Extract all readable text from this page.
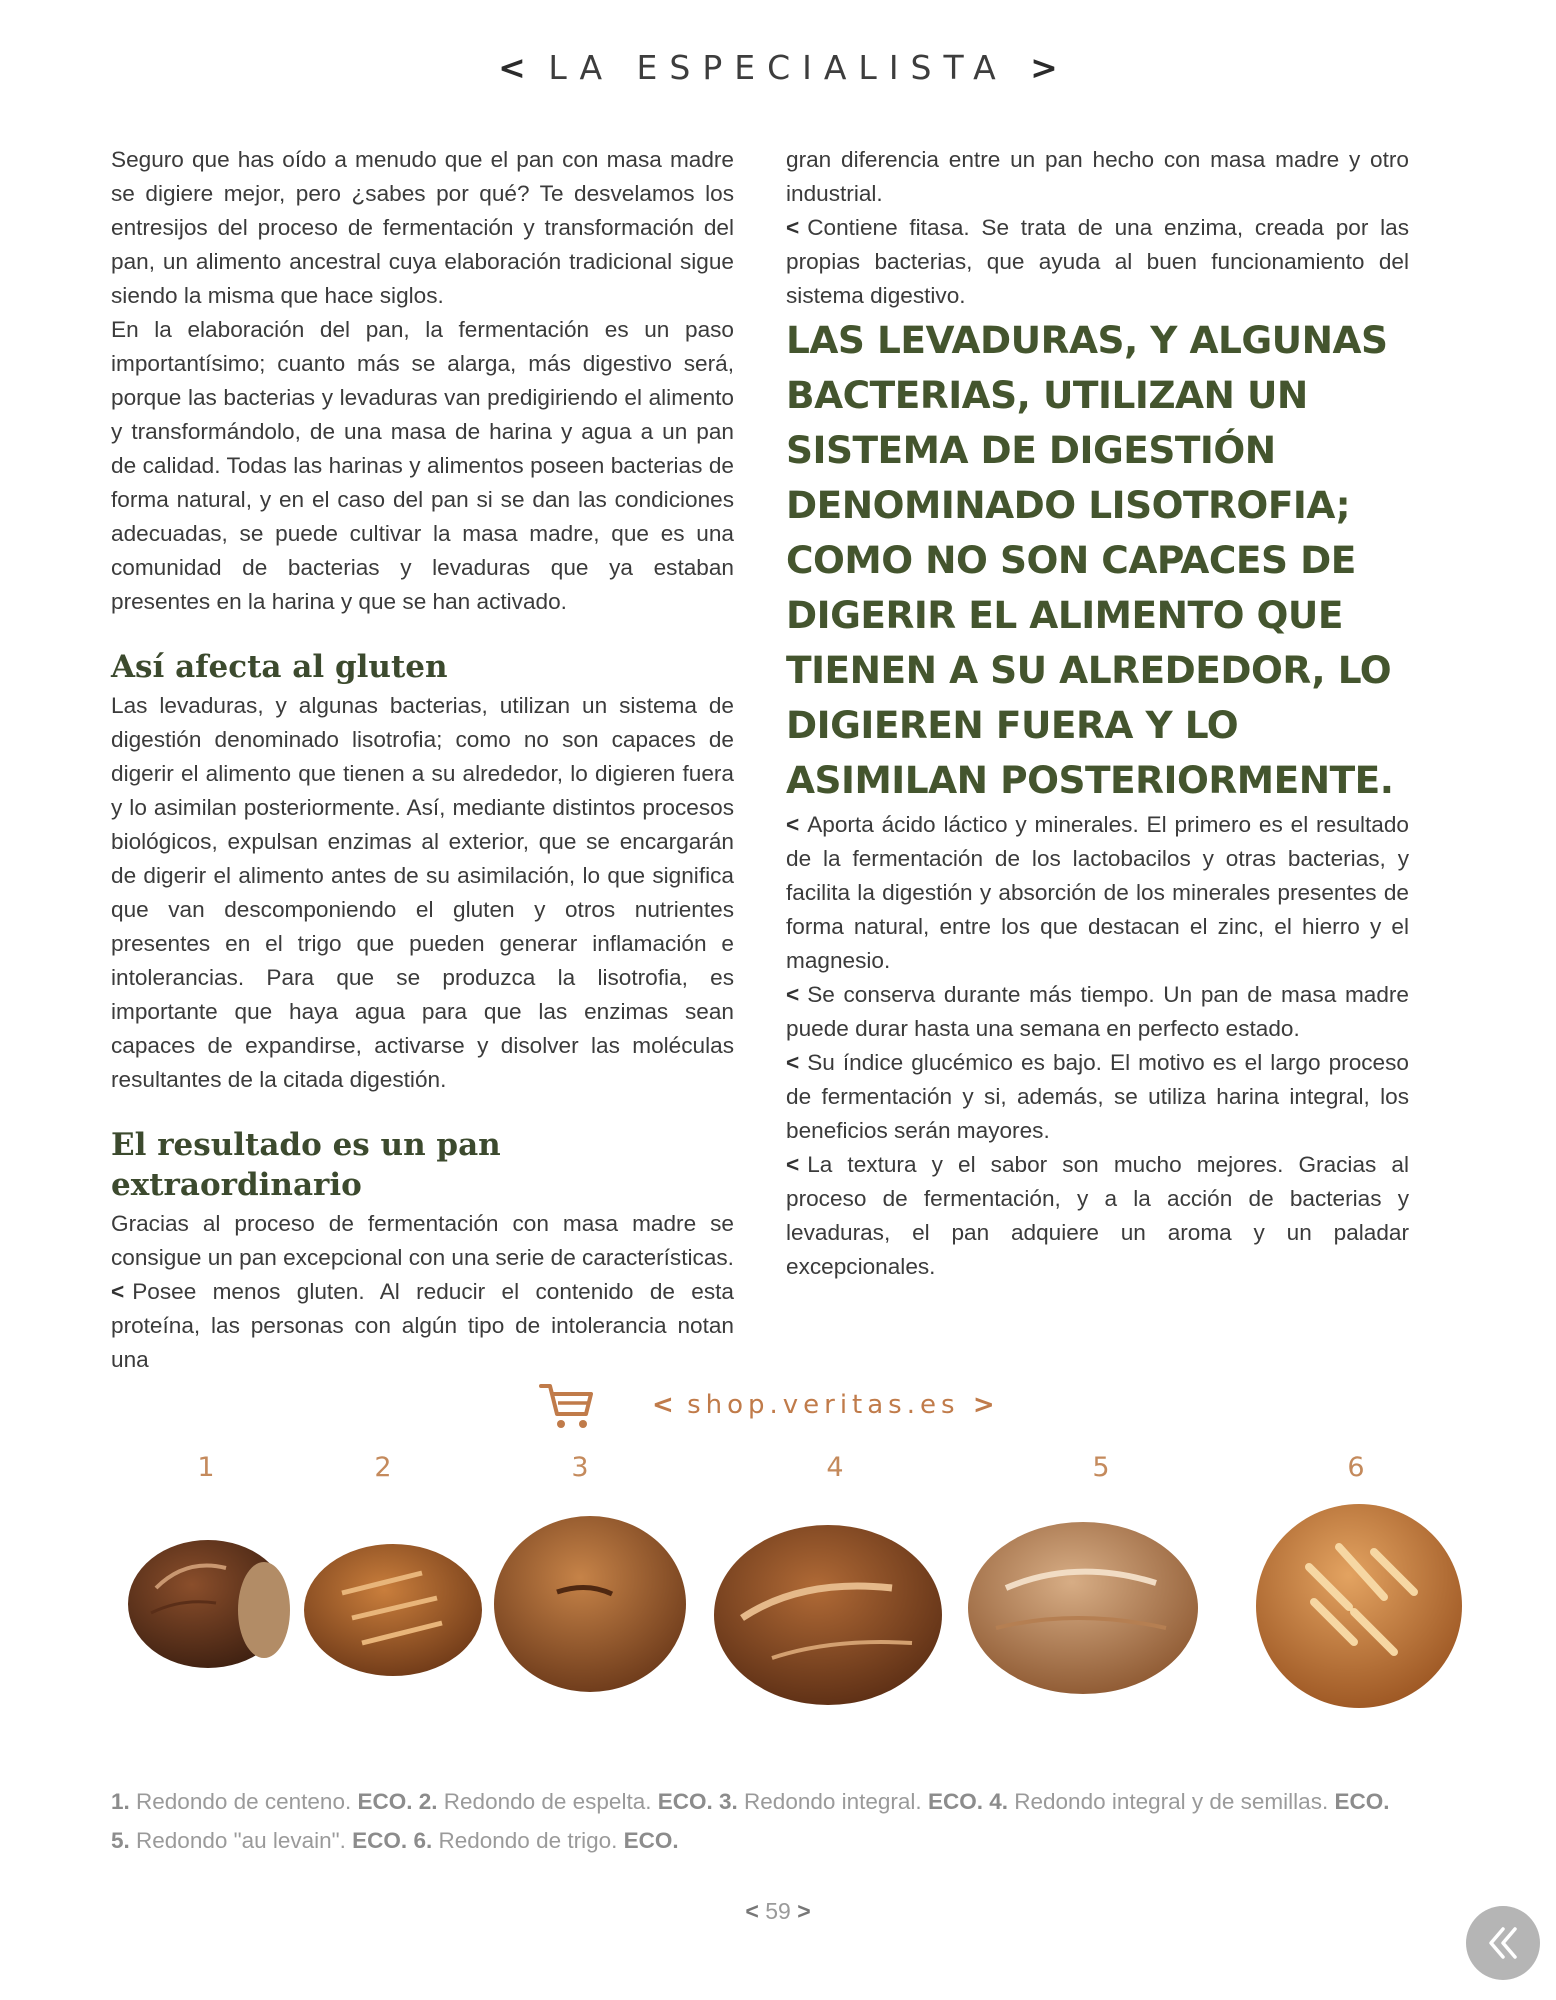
< LA ESPECIALISTA >

Seguro que has oído a menudo que el pan con masa madre se digiere mejor, pero ¿sabes por qué? Te desvelamos los entresijos del proceso de fermentación y transformación del pan, un alimento ancestral cuya elaboración tradicional sigue siendo la misma que hace siglos.

En la elaboración del pan, la fermentación es un paso importantísimo; cuanto más se alarga, más digestivo será, porque las bacterias y levaduras van predigiriendo el alimento y transformándolo, de una masa de harina y agua a un pan de calidad. Todas las harinas y alimentos poseen bacterias de forma natural, y en el caso del pan si se dan las condiciones adecuadas, se puede cultivar la masa madre, que es una comunidad de bacterias y levaduras que ya estaban presentes en la harina y que se han activado.

Así afecta al gluten

Las levaduras, y algunas bacterias, utilizan un sistema de digestión denominado lisotrofia; como no son capaces de digerir el alimento que tienen a su alrededor, lo digieren fuera y lo asimilan posteriormente. Así, mediante distintos procesos biológicos, expulsan enzimas al exterior, que se encargarán de digerir el alimento antes de su asimilación, lo que significa que van descomponiendo el gluten y otros nutrientes presentes en el trigo que pueden generar inflamación e intolerancias. Para que se produzca la lisotrofia, es importante que haya agua para que las enzimas sean capaces de expandirse, activarse y disolver las moléculas resultantes de la citada digestión.

El resultado es un pan extraordinario

Gracias al proceso de fermentación con masa madre se consigue un pan excepcional con una serie de características.

< Posee menos gluten. Al reducir el contenido de esta proteína, las personas con algún tipo de intolerancia notan una

gran diferencia entre un pan hecho con masa madre y otro industrial.

< Contiene fitasa. Se trata de una enzima, creada por las propias bacterias, que ayuda al buen funcionamiento del sistema digestivo.

LAS LEVADURAS, Y ALGUNAS BACTERIAS, UTILIZAN UN SISTEMA DE DIGESTIÓN DENOMINADO LISOTROFIA; COMO NO SON CAPACES DE DIGERIR EL ALIMENTO QUE TIENEN A SU ALREDEDOR, LO DIGIEREN FUERA Y LO ASIMILAN POSTERIORMENTE.

< Aporta ácido láctico y minerales. El primero es el resultado de la fermentación de los lactobacilos y otras bacterias, y facilita la digestión y absorción de los minerales presentes de forma natural, entre los que destacan el zinc, el hierro y el magnesio.

< Se conserva durante más tiempo. Un pan de masa madre puede durar hasta una semana en perfecto estado.

< Su índice glucémico es bajo. El motivo es el largo proceso de fermentación y si, además, se utiliza harina integral, los beneficios serán mayores.

< La textura y el sabor son mucho mejores. Gracias al proceso de fermentación, y a la acción de bacterias y levaduras, el pan adquiere un aroma y un paladar excepcionales.

< shop.veritas.es >
1	2	3	4	5	6
1. Redondo de centeno. ECO. 2. Redondo de espelta. ECO. 3. Redondo integral. ECO. 4. Redondo integral y de semillas. ECO.
5. Redondo "au levain". ECO. 6. Redondo de trigo. ECO.
< 59 >
